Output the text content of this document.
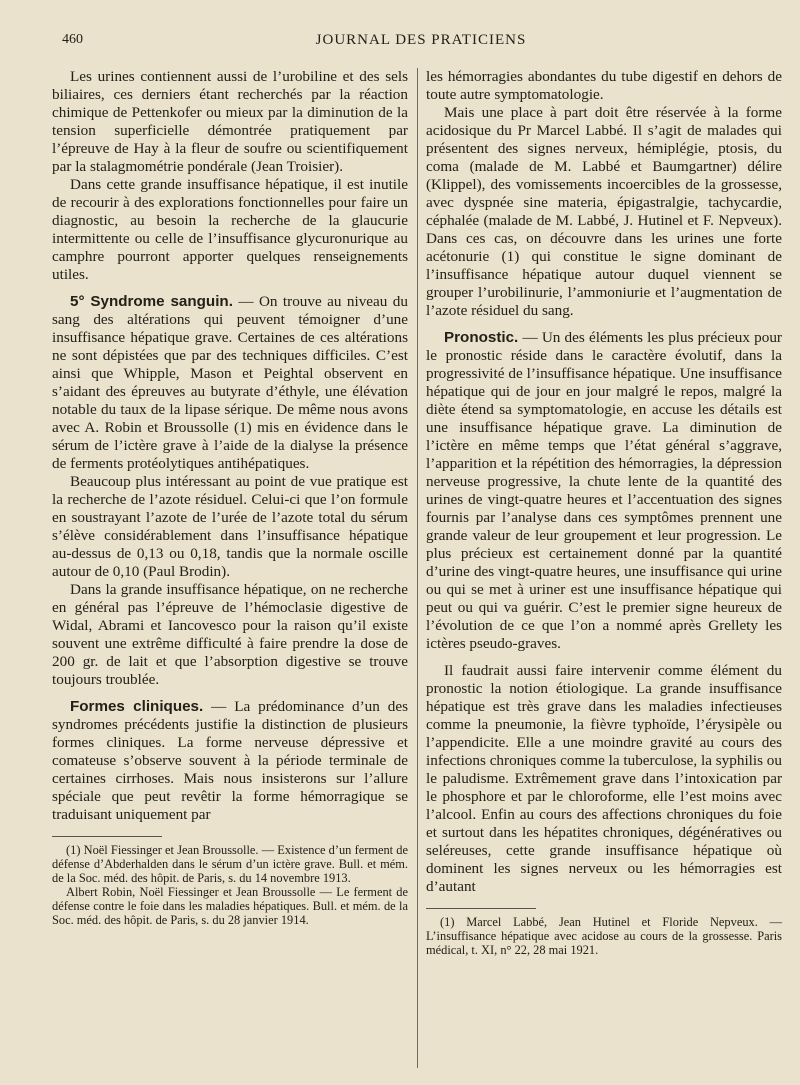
460	JOURNAL DES PRATICIENS

Les urines contiennent aussi de l’urobiline et des sels biliaires, ces derniers étant recherchés par la réaction chimique de Pettenkofer ou mieux par la diminution de la tension superficielle démontrée pratiquement par l’épreuve de Hay à la fleur de soufre ou scientifiquement par la stalagmométrie pondérale (Jean Troisier).

Dans cette grande insuffisance hépatique, il est inutile de recourir à des explorations fonctionnelles pour faire un diagnostic, au besoin la recherche de la glaucurie intermittente ou celle de l’insuffisance glycuronurique au camphre pourront apporter quelques renseignements utiles.

5° Syndrome sanguin. — On trouve au niveau du sang des altérations qui peuvent témoigner d’une insuffisance hépatique grave. Certaines de ces altérations ne sont dépistées que par des techniques difficiles. C’est ainsi que Whipple, Mason et Peightal observent en s’aidant des épreuves au butyrate d’éthyle, une élévation notable du taux de la lipase sérique. De même nous avons avec A. Robin et Broussolle (1) mis en évidence dans le sérum de l’ictère grave à l’aide de la dialyse la présence de ferments protéolytiques antihépatiques.

Beaucoup plus intéressant au point de vue pratique est la recherche de l’azote résiduel. Celui-ci que l’on formule en soustrayant l’azote de l’urée de l’azote total du sérum s’élève considérablement dans l’insuffisance hépatique au-dessus de 0,13 ou 0,18, tandis que la normale oscille autour de 0,10 (Paul Brodin).

Dans la grande insuffisance hépatique, on ne recherche en général pas l’épreuve de l’hémoclasie digestive de Widal, Abrami et Iancovesco pour la raison qu’il existe souvent une extrême difficulté à faire prendre la dose de 200 gr. de lait et que l’absorption digestive se trouve toujours troublée.

Formes cliniques. — La prédominance d’un des syndromes précédents justifie la distinction de plusieurs formes cliniques. La forme nerveuse dépressive et comateuse s’observe souvent à la période terminale de certaines cirrhoses. Mais nous insisterons sur l’allure spéciale que peut revêtir la forme hémorragique se traduisant uniquement par

(1) Noël Fiessinger et Jean Broussolle. — Existence d’un ferment de défense d’Abderhalden dans le sérum d’un ictère grave. Bull. et mém. de la Soc. méd. des hôpit. de Paris, s. du 14 novembre 1913.

Albert Robin, Noël Fiessinger et Jean Broussolle — Le ferment de défense contre le foie dans les maladies hépatiques. Bull. et mém. de la Soc. méd. des hôpit. de Paris, s. du 28 janvier 1914.

les hémorragies abondantes du tube digestif en dehors de toute autre symptomatologie.

Mais une place à part doit être réservée à la forme acidosique du Pr Marcel Labbé. Il s’agit de malades qui présentent des signes nerveux, hémiplégie, ptosis, du coma (malade de M. Labbé et Baumgartner) délire (Klippel), des vomissements incoercibles de la grossesse, avec dyspnée sine materia, épigastralgie, tachycardie, céphalée (malade de M. Labbé, J. Hutinel et F. Nepveux). Dans ces cas, on découvre dans les urines une forte acétonurie (1) qui constitue le signe dominant de l’insuffisance hépatique autour duquel viennent se grouper l’urobilinurie, l’ammoniurie et l’augmentation de l’azote résiduel du sang.

Pronostic. — Un des éléments les plus précieux pour le pronostic réside dans le caractère évolutif, dans la progressivité de l’insuffisance hépatique. Une insuffisance hépatique qui de jour en jour malgré le repos, malgré la diète étend sa symptomatologie, en accuse les détails est une insuffisance hépatique grave. La diminution de l’ictère en même temps que l’état général s’aggrave, l’apparition et la répétition des hémorragies, la dépression nerveuse progressive, la chute lente de la quantité des urines de vingt-quatre heures et l’accentuation des signes fournis par l’analyse dans ces symptômes prennent une grande valeur de leur groupement et leur progression. Le plus précieux est certainement donné par la quantité d’urine des vingt-quatre heures, une insuffisance qui urine ou qui se met à uriner est une insuffisance hépatique qui peut ou qui va guérir. C’est le premier signe heureux de l’évolution de ce que l’on a nommé après Grellety les ictères pseudo-graves.

Il faudrait aussi faire intervenir comme élément du pronostic la notion étiologique. La grande insuffisance hépatique est très grave dans les maladies infectieuses comme la pneumonie, la fièvre typhoïde, l’érysipèle ou l’appendicite. Elle a une moindre gravité au cours des infections chroniques comme la tuberculose, la syphilis ou le paludisme. Extrêmement grave dans l’intoxication par le phosphore et par le chloroforme, elle l’est moins avec l’alcool. Enfin au cours des affections chroniques du foie et surtout dans les hépatites chroniques, dégénératives ou seléreuses, cette grande insuffisance hépatique où dominent les signes nerveux ou les hémorragies est d’autant

(1) Marcel Labbé, Jean Hutinel et Floride Nepveux. — L’insuffisance hépatique avec acidose au cours de la grossesse. Paris médical, t. XI, n° 22, 28 mai 1921.
